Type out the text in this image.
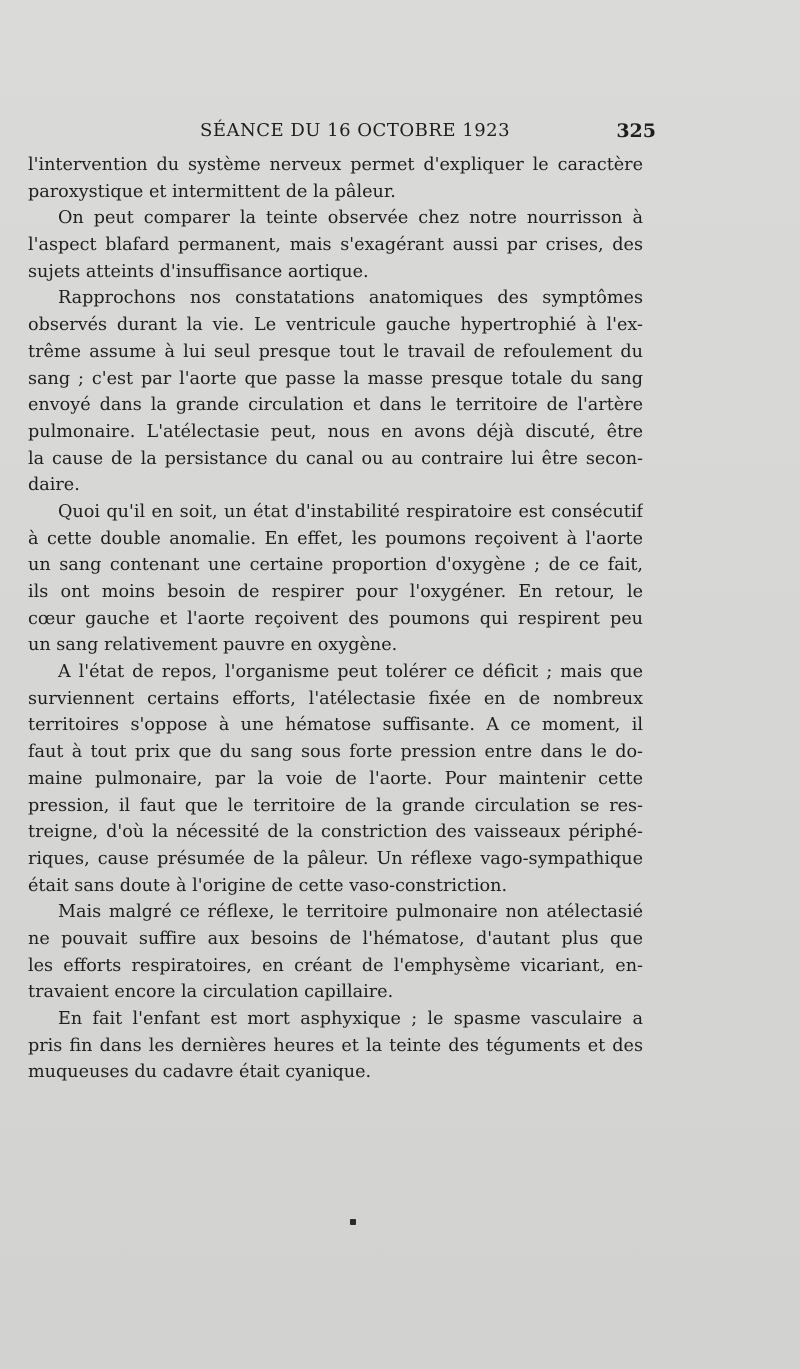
SÉANCE DU 16 OCTOBRE 1923	325
l'intervention du système nerveux permet d'expliquer le caractère
paroxystique et intermittent de la pâleur.
On peut comparer la teinte observée chez notre nourrisson à
l'aspect blafard permanent, mais s'exagérant aussi par crises, des
sujets atteints d'insuffisance aortique.
Rapprochons nos constatations anatomiques des symptômes
observés durant la vie. Le ventricule gauche hypertrophié à l'ex-
trême assume à lui seul presque tout le travail de refoulement du
sang ; c'est par l'aorte que passe la masse presque totale du sang
envoyé dans la grande circulation et dans le territoire de l'artère
pulmonaire. L'atélectasie peut, nous en avons déjà discuté, être
la cause de la persistance du canal ou au contraire lui être secon-
daire.
Quoi qu'il en soit, un état d'instabilité respiratoire est consécutif
à cette double anomalie. En effet, les poumons reçoivent à l'aorte
un sang contenant une certaine proportion d'oxygène ; de ce fait,
ils ont moins besoin de respirer pour l'oxygéner. En retour, le
cœur gauche et l'aorte reçoivent des poumons qui respirent peu
un sang relativement pauvre en oxygène.
A l'état de repos, l'organisme peut tolérer ce déficit ; mais que
surviennent certains efforts, l'atélectasie fixée en de nombreux
territoires s'oppose à une hématose suffisante. A ce moment, il
faut à tout prix que du sang sous forte pression entre dans le do-
maine pulmonaire, par la voie de l'aorte. Pour maintenir cette
pression, il faut que le territoire de la grande circulation se res-
treigne, d'où la nécessité de la constriction des vaisseaux périphé-
riques, cause présumée de la pâleur. Un réflexe vago-sympathique
était sans doute à l'origine de cette vaso-constriction.
Mais malgré ce réflexe, le territoire pulmonaire non atélectasié
ne pouvait suffire aux besoins de l'hématose, d'autant plus que
les efforts respiratoires, en créant de l'emphysème vicariant, en-
travaient encore la circulation capillaire.
En fait l'enfant est mort asphyxique ; le spasme vasculaire a
pris fin dans les dernières heures et la teinte des téguments et des
muqueuses du cadavre était cyanique.
